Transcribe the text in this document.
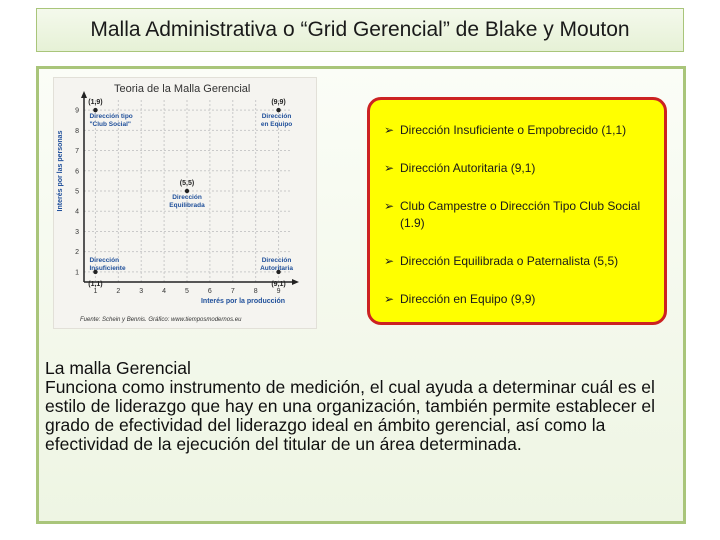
Malla Administrativa o “Grid Gerencial” de Blake y Mouton
Teoria de la Malla Gerencial
1
1
2
2
3
3
4
4
5
5
6
6
7
7
8
8
9
9
Interés por la producción
Interés por las personas
(1,9)
Dirección tipo
"Club Social"
(9,9)
Dirección
en Equipo
(5,5)
Dirección
Equilibrada
(1,1)
Dirección
Insuficiente
(9,1)
Dirección
Autoritaria
Fuente: Schein y Bennis. Gráfico: www.tiemposmodernos.eu
➢ Dirección Insuficiente o Empobrecido (1,1)
➢ Dirección Autoritaria (9,1)
➢ Club Campestre o Dirección Tipo Club Social (1.9)
➢ Dirección Equilibrada o Paternalista (5,5)
➢ Dirección en Equipo (9,9)

La malla Gerencial

Funciona como instrumento de medición, el cual ayuda a determinar cuál es el estilo de liderazgo que hay en una organización, también permite establecer el grado de efectividad del liderazgo ideal en ámbito gerencial, así como la efectividad de la ejecución del titular de un área determinada.
